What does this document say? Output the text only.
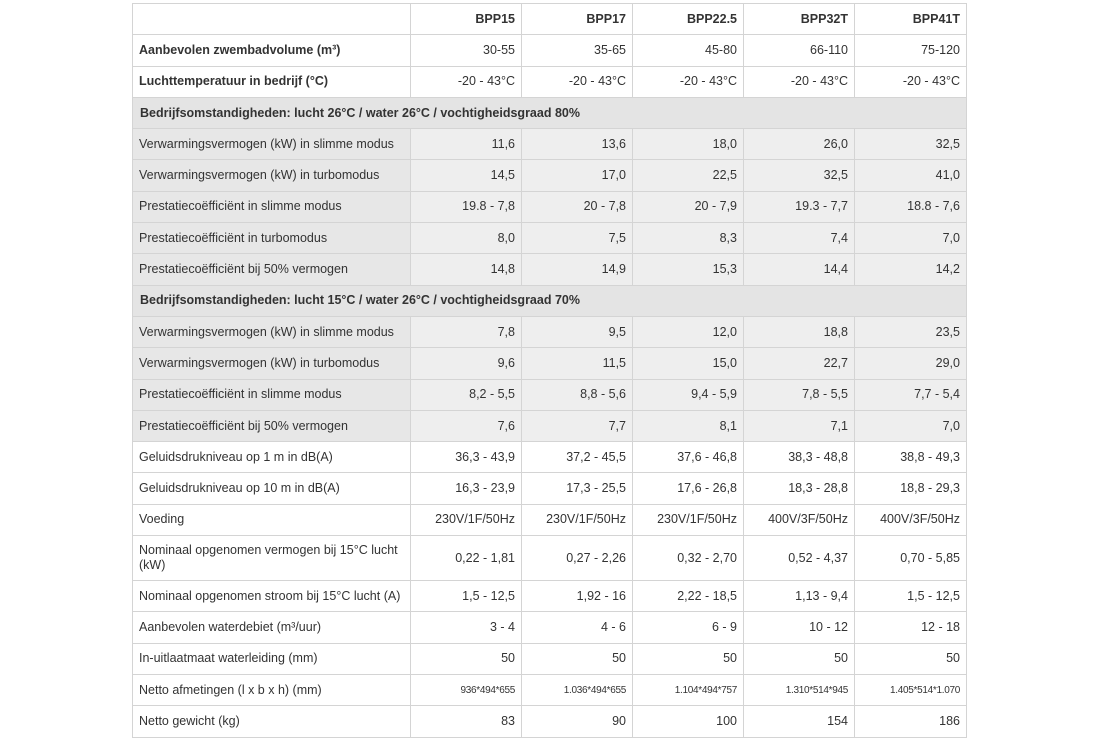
	BPP15	BPP17	BPP22.5	BPP32T	BPP41T
Aanbevolen zwembadvolume (m³)	30-55	35-65	45-80	66-110	75-120
Luchttemperatuur in bedrijf (°C)	-20 - 43°C	-20 - 43°C	-20 - 43°C	-20 - 43°C	-20 - 43°C
Bedrijfsomstandigheden: lucht 26°C / water 26°C / vochtigheidsgraad 80%					
Verwarmingsvermogen (kW) in slimme modus	11,6	13,6	18,0	26,0	32,5
Verwarmingsvermogen (kW) in turbomodus	14,5	17,0	22,5	32,5	41,0
Prestatiecoëfficiënt in slimme modus	19.8 - 7,8	20 - 7,8	20 - 7,9	19.3 - 7,7	18.8 - 7,6
Prestatiecoëfficiënt in turbomodus	8,0	7,5	8,3	7,4	7,0
Prestatiecoëfficiënt bij 50% vermogen	14,8	14,9	15,3	14,4	14,2
Bedrijfsomstandigheden: lucht 15°C / water 26°C / vochtigheidsgraad 70%					
Verwarmingsvermogen (kW) in slimme modus	7,8	9,5	12,0	18,8	23,5
Verwarmingsvermogen (kW) in turbomodus	9,6	11,5	15,0	22,7	29,0
Prestatiecoëfficiënt in slimme modus	8,2 - 5,5	8,8 - 5,6	9,4 - 5,9	7,8 - 5,5	7,7 - 5,4
Prestatiecoëfficiënt bij 50% vermogen	7,6	7,7	8,1	7,1	7,0
Geluidsdrukniveau op 1 m in dB(A)	36,3 - 43,9	37,2 - 45,5	37,6 - 46,8	38,3 - 48,8	38,8 - 49,3
Geluidsdrukniveau op 10 m in dB(A)	16,3 - 23,9	17,3 - 25,5	17,6 - 26,8	18,3 - 28,8	18,8 - 29,3
Voeding	230V/1F/50Hz	230V/1F/50Hz	230V/1F/50Hz	400V/3F/50Hz	400V/3F/50Hz
Nominaal opgenomen vermogen bij 15°C lucht (kW)	0,22 - 1,81	0,27 - 2,26	0,32 - 2,70	0,52 - 4,37	0,70 - 5,85
Nominaal opgenomen stroom bij 15°C lucht (A)	1,5 - 12,5	1,92 - 16	2,22 - 18,5	1,13 - 9,4	1,5 - 12,5
Aanbevolen waterdebiet (m³/uur)	3 - 4	4 - 6	6 - 9	10 - 12	12 - 18
In-uitlaatmaat waterleiding (mm)	50	50	50	50	50
Netto afmetingen (l x b x h) (mm)	936*494*655	1.036*494*655	1.104*494*757	1.310*514*945	1.405*514*1.070
Netto gewicht (kg)	83	90	100	154	186
